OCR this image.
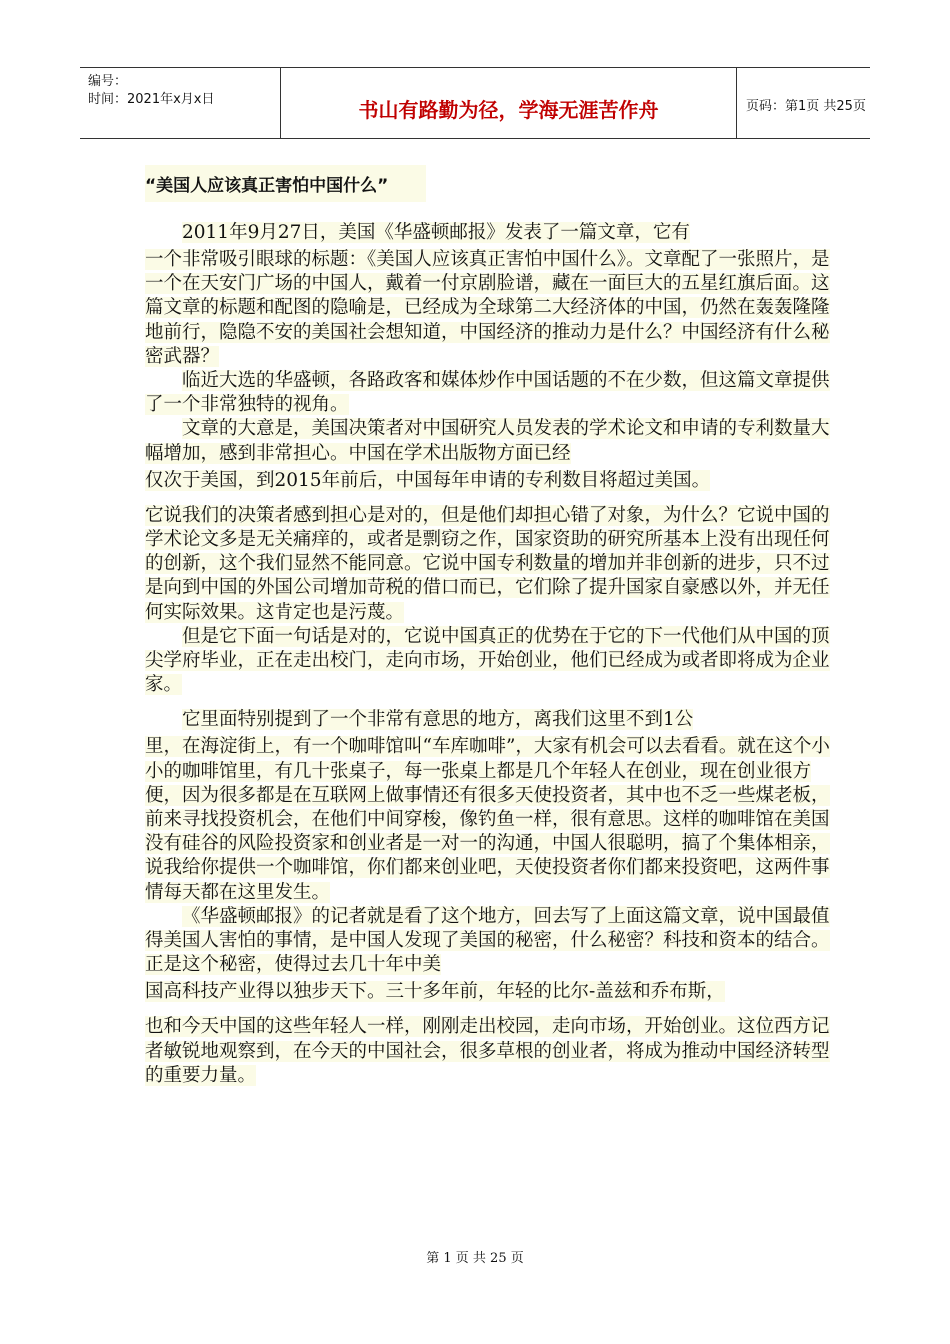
编号：
时间：2021年x月x日	书山有路勤为径，学海无涯苦作舟	页码：第1页 共25页
“美国人应该真正害怕中国什么”

2011年9月27日，美国《华盛顿邮报》发表了一篇文章，它有

一个非常吸引眼球的标题：《美国人应该真正害怕中国什么》。文章配了一张照片，是一个在天安门广场的中国人，戴着一付京剧脸谱，藏在一面巨大的五星红旗后面。这篇文章的标题和配图的隐喻是，已经成为全球第二大经济体的中国，仍然在轰轰隆隆地前行，隐隐不安的美国社会想知道，中国经济的推动力是什么？中国经济有什么秘密武器？

临近大选的华盛顿，各路政客和媒体炒作中国话题的不在少数，但这篇文章提供了一个非常独特的视角。

文章的大意是，美国决策者对中国研究人员发表的学术论文和申请的专利数量大幅增加，感到非常担心。中国在学术出版物方面已经

仅次于美国，到2015年前后，中国每年申请的专利数目将超过美国。

它说我们的决策者感到担心是对的，但是他们却担心错了对象，为什么？它说中国的学术论文多是无关痛痒的，或者是剽窃之作，国家资助的研究所基本上没有出现任何的创新，这个我们显然不能同意。它说中国专利数量的增加并非创新的进步，只不过是向到中国的外国公司增加苛税的借口而已，它们除了提升国家自豪感以外，并无任何实际效果。这肯定也是污蔑。

但是它下面一句话是对的，它说中国真正的优势在于它的下一代他们从中国的顶尖学府毕业，正在走出校门，走向市场，开始创业，他们已经成为或者即将成为企业家。

它里面特别提到了一个非常有意思的地方，离我们这里不到1公

里，在海淀街上，有一个咖啡馆叫“车库咖啡”，大家有机会可以去看看。就在这个小小的咖啡馆里，有几十张桌子，每一张桌上都是几个年轻人在创业，现在创业很方便，因为很多都是在互联网上做事情还有很多天使投资者，其中也不乏一些煤老板，前来寻找投资机会，在他们中间穿梭，像钓鱼一样，很有意思。这样的咖啡馆在美国没有硅谷的风险投资家和创业者是一对一的沟通，中国人很聪明，搞了个集体相亲，说我给你提供一个咖啡馆，你们都来创业吧，天使投资者你们都来投资吧，这两件事情每天都在这里发生。

《华盛顿邮报》的记者就是看了这个地方，回去写了上面这篇文章，说中国最值得美国人害怕的事情，是中国人发现了美国的秘密，什么秘密？科技和资本的结合。正是这个秘密，使得过去几十年中美

国高科技产业得以独步天下。三十多年前，年轻的比尔-盖兹和乔布斯，

也和今天中国的这些年轻人一样，刚刚走出校园，走向市场，开始创业。这位西方记者敏锐地观察到，在今天的中国社会，很多草根的创业者，将成为推动中国经济转型的重要力量。

第 1 页 共 25 页
